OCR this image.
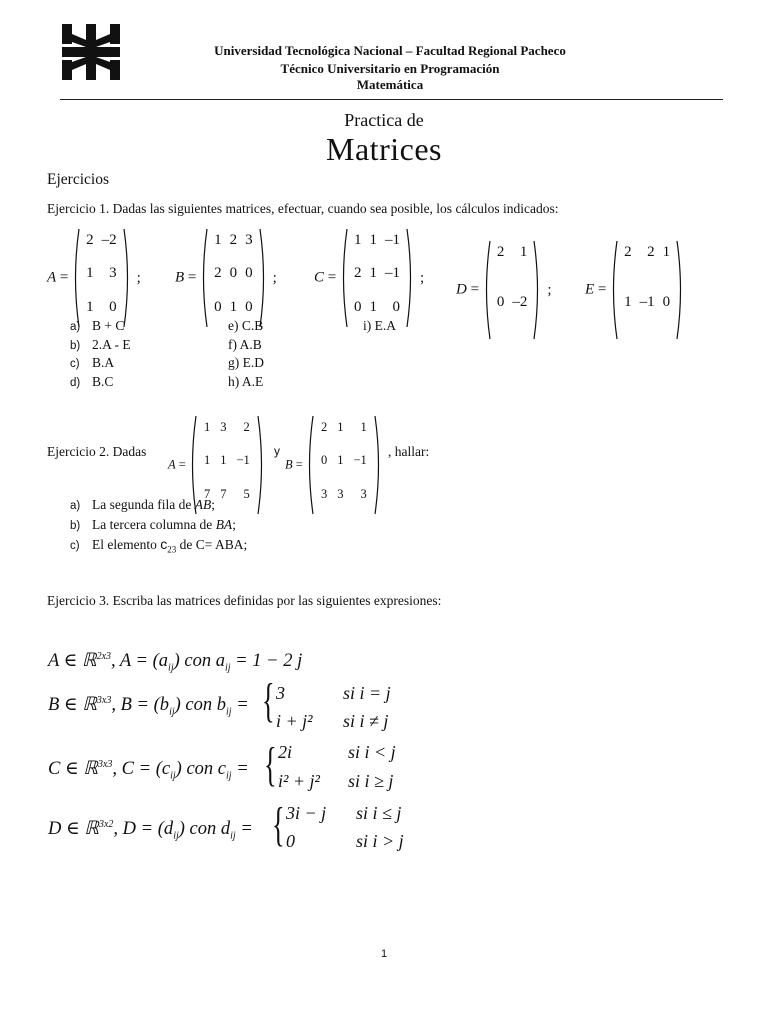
Universidad Tecnológica Nacional – Facultad Regional Pacheco
Técnico Universitario en Programación
Matemática
Practica de
Matrices
Ejercicios
Ejercicio 1. Dadas las siguientes matrices, efectuar, cuando sea posible, los cálculos indicados:
A =
2 –2
1	3
1	0
; B =
1 2 3
2 0 0
0 1 0
; C =
1 1 –1
2 1 –1
0 1	0
;
D =
2	1
0 –2
; E =
2	2 1
1 –1 0
a) B + C
b) 2.A - E
c) B.A
d) B.C
e) C.B
f) A.B
g) E.D
h) A.E
i) E.A
Ejercicio 2. Dadas
A =
1 3	2
1 1 −1
7 7	5
B =
2 1	1
0 1 −1
3 3	3
y	, hallar:
a) La segunda fila de AB;
b) La tercera columna de BA;
c) El elemento $c_{23}$ de C= ABA;
Ejercicio 3. Escriba las matrices definidas por las siguientes expresiones:
A ∈ ℝ$^{2x3}$, $A = (a_{ij})$ con $a_{ij} = 1 - 2$ j
B ∈ ℝ$^{3x3}$, $B = (b_{ij})$ con $b_{ij}$ = { 3	si i = j
i + j² si i ≠ j
C ∈ ℝ$^{3x3}$, $C = (c_{ij})$ con $c_{ij}$ = { 2i	si i < j
i² + j² si i ≥ j
D ∈ ℝ$^{3x2}$, $D = (d_{ij})$ con $d_{ij}$ = { 3i − j si i ≤ j
0	si i > j
1
